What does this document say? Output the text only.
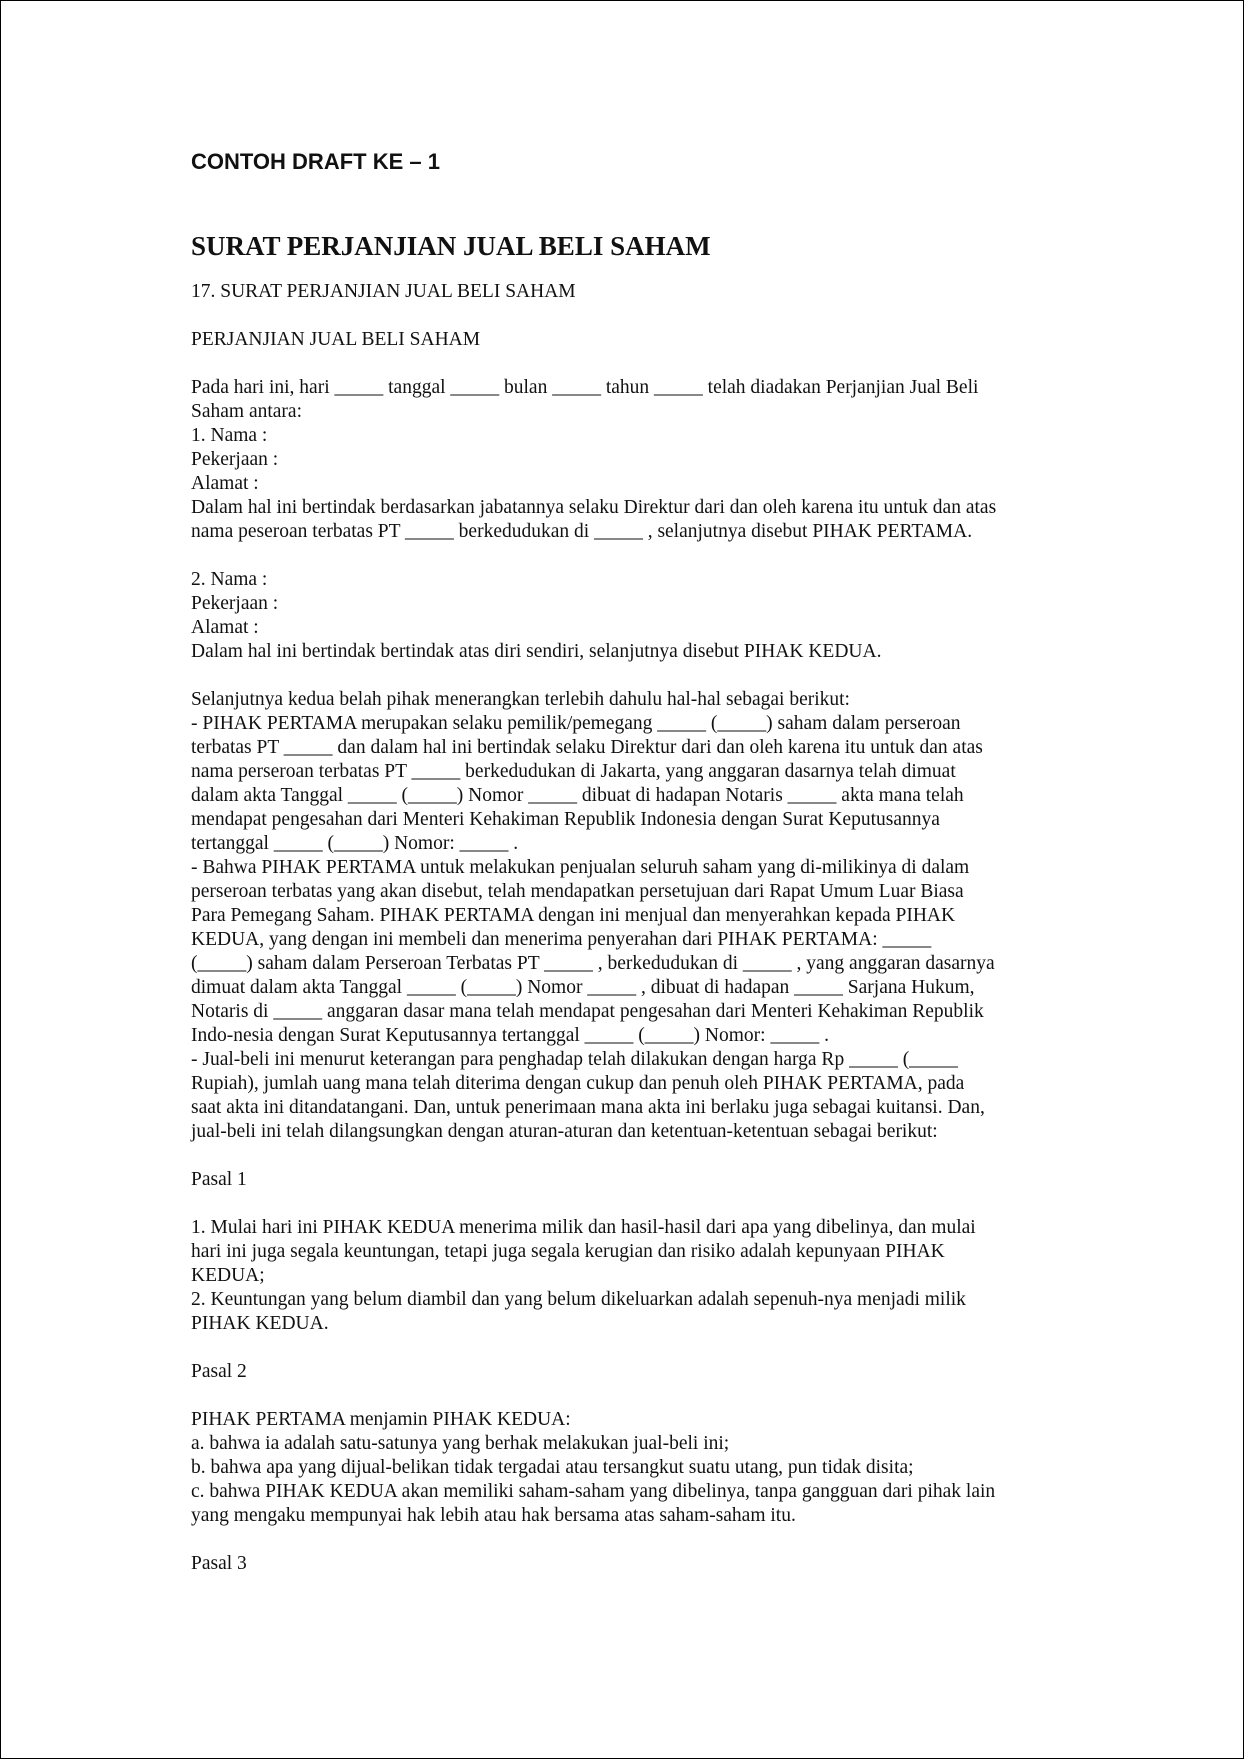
CONTOH DRAFT KE – 1
SURAT PERJANJIAN JUAL BELI SAHAM
17. SURAT PERJANJIAN JUAL BELI SAHAM
PERJANJIAN JUAL BELI SAHAM
Pada hari ini, hari _____ tanggal _____ bulan _____ tahun _____ telah diadakan Perjanjian Jual Beli
Saham antara:
1. Nama :
Pekerjaan :
Alamat :
Dalam hal ini bertindak berdasarkan jabatannya selaku Direktur dari dan oleh karena itu untuk dan atas
nama peseroan terbatas PT _____ berkedudukan di _____ , selanjutnya disebut PIHAK PERTAMA.
2. Nama :
Pekerjaan :
Alamat :
Dalam hal ini bertindak bertindak atas diri sendiri, selanjutnya disebut PIHAK KEDUA.
Selanjutnya kedua belah pihak menerangkan terlebih dahulu hal-hal sebagai berikut:
- PIHAK PERTAMA merupakan selaku pemilik/pemegang _____ (_____) saham dalam perseroan
terbatas PT _____ dan dalam hal ini bertindak selaku Direktur dari dan oleh karena itu untuk dan atas
nama perseroan terbatas PT _____ berkedudukan di Jakarta, yang anggaran dasarnya telah dimuat
dalam akta Tanggal _____ (_____) Nomor _____ dibuat di hadapan Notaris _____ akta mana telah
mendapat pengesahan dari Menteri Kehakiman Republik Indonesia dengan Surat Keputusannya
tertanggal _____ (_____) Nomor: _____ .
- Bahwa PIHAK PERTAMA untuk melakukan penjualan seluruh saham yang di-milikinya di dalam
perseroan terbatas yang akan disebut, telah mendapatkan persetujuan dari Rapat Umum Luar Biasa
Para Pemegang Saham. PIHAK PERTAMA dengan ini menjual dan menyerahkan kepada PIHAK
KEDUA, yang dengan ini membeli dan menerima penyerahan dari PIHAK PERTAMA: _____
(_____) saham dalam Perseroan Terbatas PT _____ , berkedudukan di _____ , yang anggaran dasarnya
dimuat dalam akta Tanggal _____ (_____) Nomor _____ , dibuat di hadapan _____ Sarjana Hukum,
Notaris di _____ anggaran dasar mana telah mendapat pengesahan dari Menteri Kehakiman Republik
Indo-nesia dengan Surat Keputusannya tertanggal _____ (_____) Nomor: _____ .
- Jual-beli ini menurut keterangan para penghadap telah dilakukan dengan harga Rp _____ (_____
Rupiah), jumlah uang mana telah diterima dengan cukup dan penuh oleh PIHAK PERTAMA, pada
saat akta ini ditandatangani. Dan, untuk penerimaan mana akta ini berlaku juga sebagai kuitansi. Dan,
jual-beli ini telah dilangsungkan dengan aturan-aturan dan ketentuan-ketentuan sebagai berikut:
Pasal 1
1. Mulai hari ini PIHAK KEDUA menerima milik dan hasil-hasil dari apa yang dibelinya, dan mulai
hari ini juga segala keuntungan, tetapi juga segala kerugian dan risiko adalah kepunyaan PIHAK
KEDUA;
2. Keuntungan yang belum diambil dan yang belum dikeluarkan adalah sepenuh-nya menjadi milik
PIHAK KEDUA.
Pasal 2
PIHAK PERTAMA menjamin PIHAK KEDUA:
a. bahwa ia adalah satu-satunya yang berhak melakukan jual-beli ini;
b. bahwa apa yang dijual-belikan tidak tergadai atau tersangkut suatu utang, pun tidak disita;
c. bahwa PIHAK KEDUA akan memiliki saham-saham yang dibelinya, tanpa gangguan dari pihak lain
yang mengaku mempunyai hak lebih atau hak bersama atas saham-saham itu.
Pasal 3
